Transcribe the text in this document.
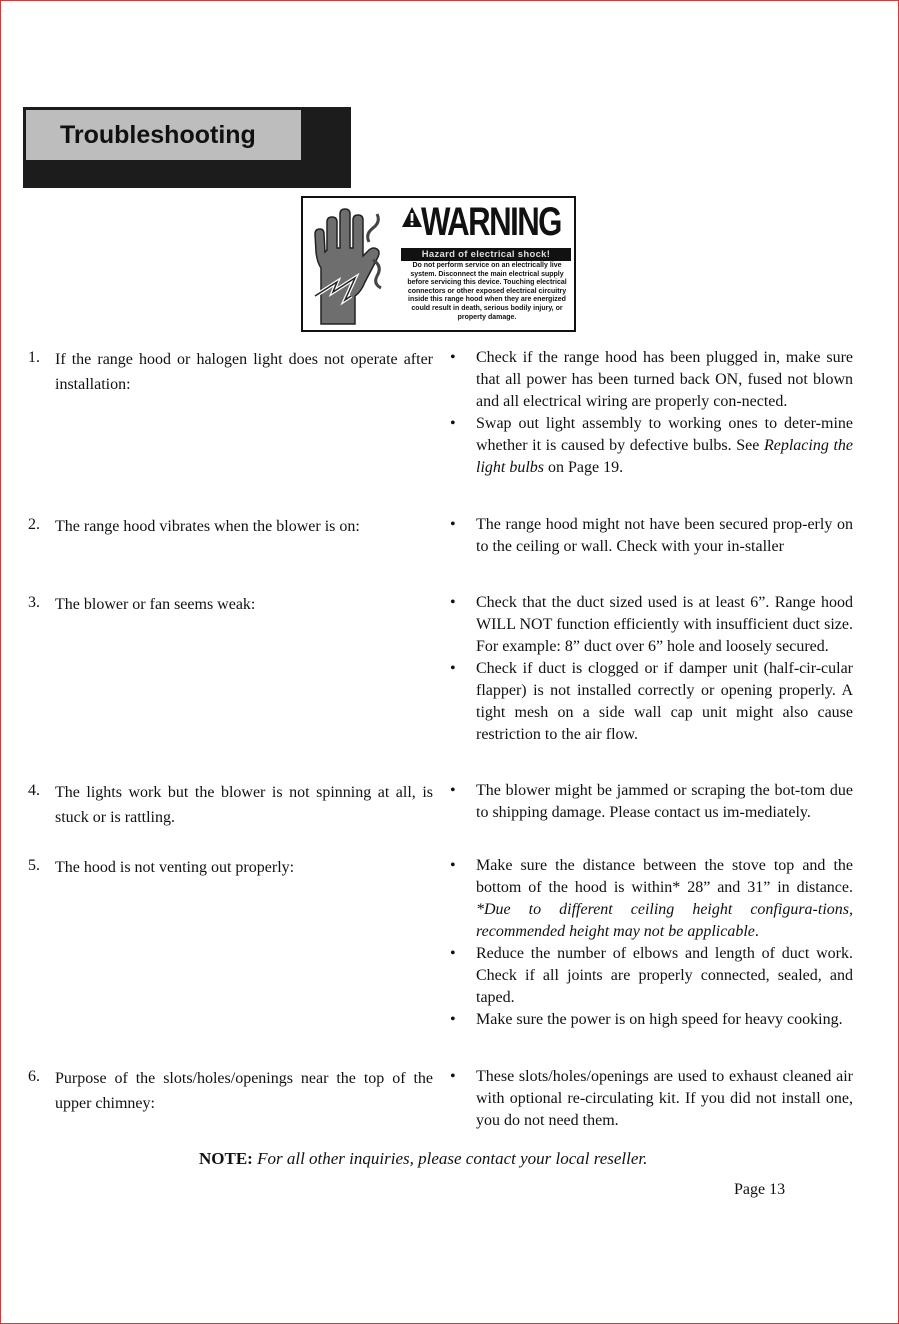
Troubleshooting
WARNING
Hazard of electrical shock!
Do not perform service on an electrically live system. Disconnect the main electrical supply before servicing this device. Touching electrical connectors or other exposed electrical circuitry inside this range hood when they are energized could result in death, serious bodily injury, or property damage.
1. If the range hood or halogen light does not operate after installation:
• Check if the range hood has been plugged in, make sure that all power has been turned back ON, fused not blown and all electrical wiring are properly con-nected.
• Swap out light assembly to working ones to deter-mine whether it is caused by defective bulbs. See Replacing the light bulbs on Page 19.
2. The range hood vibrates when the blower is on:	• The range hood might not have been secured prop-erly on to the ceiling or wall. Check with your in-staller
3. The blower or fan seems weak:	• Check that the duct sized used is at least 6”. Range hood WILL NOT function efficiently with insufficient duct size. For example: 8” duct over 6” hole and loosely secured.
• Check if duct is clogged or if damper unit (half-cir-cular flapper) is not installed correctly or opening properly. A tight mesh on a side wall cap unit might also cause restriction to the air flow.
4. The lights work but the blower is not spinning at all, is stuck or is rattling.
• The blower might be jammed or scraping the bot-tom due to shipping damage. Please contact us im-mediately.
5. The hood is not venting out properly:	• Make sure the distance between the stove top and the bottom of the hood is within* 28” and 31” in distance. *Due to different ceiling height configura-tions, recommended height may not be applicable.
• Reduce the number of elbows and length of duct work. Check if all joints are properly connected, sealed, and taped.
• Make sure the power is on high speed for heavy cooking.
6. Purpose of the slots/holes/openings near the top of the upper chimney:
• These slots/holes/openings are used to exhaust cleaned air with optional re-circulating kit. If you did not install one, you do not need them.
NOTE: For all other inquiries, please contact your local reseller.
Page 13
